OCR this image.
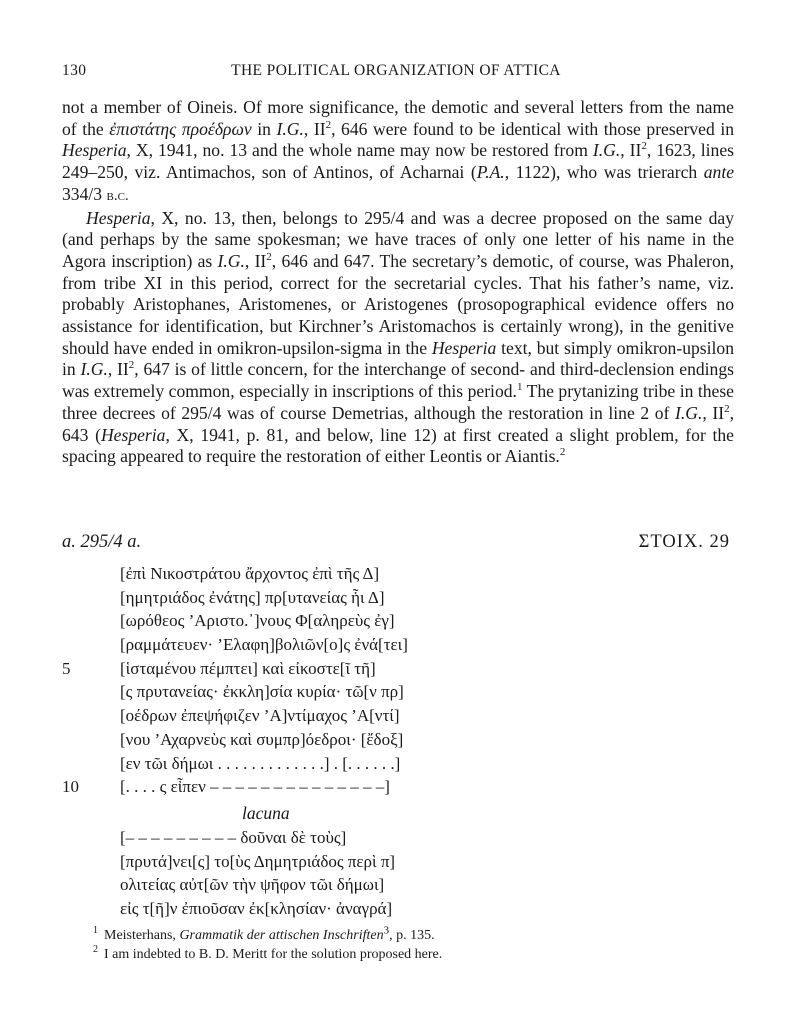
130	THE POLITICAL ORGANIZATION OF ATTICA

not a member of Oineis. Of more significance, the demotic and several letters from the name of the ἐπιστάτης προέδρων in I.G., $II^2$, 646 were found to be identical with those preserved in Hesperia, X, 1941, no. 13 and the whole name may now be restored from I.G., $II^2$, 1623, lines 249–250, viz. Antimachos, son of Antinos, of Acharnai (P.A., 1122), who was trierarch ante 334/3 b.c.

Hesperia, X, no. 13, then, belongs to 295/4 and was a decree proposed on the same day (and perhaps by the same spokesman; we have traces of only one letter of his name in the Agora inscription) as I.G., $II^2$, 646 and 647. The secretary’s demotic, of course, was Phaleron, from tribe XI in this period, correct for the secretarial cycles. That his father’s name, viz. probably Aristophanes, Aristomenes, or Aristogenes (prosopographical evidence offers no assistance for identification, but Kirchner’s Aristomachos is certainly wrong), in the genitive should have ended in omikron-upsilon-sigma in the Hesperia text, but simply omikron-upsilon in I.G., $II^2$, 647 is of little concern, for the interchange of second- and third-declension endings was extremely common, especially in inscriptions of this period.$^1$ The prytanizing tribe in these three decrees of 295/4 was of course Demetrias, although the restoration in line 2 of I.G., $II^2$, 643 (Hesperia, X, 1941, p. 81, and below, line 12) at first created a slight problem, for the spacing appeared to require the restoration of either Leontis or Aiantis.$^2$

a. 295/4 a.	ΣΤΟΙΧ. 29
[ἐπὶ Νικοστράτου ἄρχοντος ἐπὶ τῆς Δ]
[ημητριάδος ἐνάτης] πρ[υτανείας ἧι Δ]
[ωρόθεος ’Αριστο.᾽]νους Φ[αληρεὺς ἐγ]
[ραμμάτευεν· ’Ελαφη]βολιῶν[ο]ς ἐνά[τει]
5	[ἱσταμένου πέμπτει] καὶ εἰκοστε[ῖ τῆ]
[ς πρυτανείας· ἐκκλη]σία κυρία· τῶ[ν πρ]
[οέδρων ἐπεψήφιζεν ’Α]ντίμαχος ’Α[ντί]
[νου ’Αχαρνεὺς καὶ συμπρ]όεδροι· [ἔδοξ]
[εν τῶι δήμωι . . . . . . . . . . . . .] . [. . . . . .]
10	[. . . . ς εἶπεν – – – – – – – – – – – – – –]
lacuna
[– – – – – – – – – δοῦναι δὲ τοὺς]
[πρυτά]νει[ς] το[ὺς Δημητριάδος περὶ π]
ολιτείας αὐτ[ῶν τὴν ψῆφον τῶι δήμωι]
εἰς τ[ῆ]ν ἐπιοῦσαν ἐκ[κλησίαν· ἀναγρά]
$^1$ Meisterhans, Grammatik der attischen Inschriften$^3$, p. 135.
$^2$ I am indebted to B. D. Meritt for the solution proposed here.
